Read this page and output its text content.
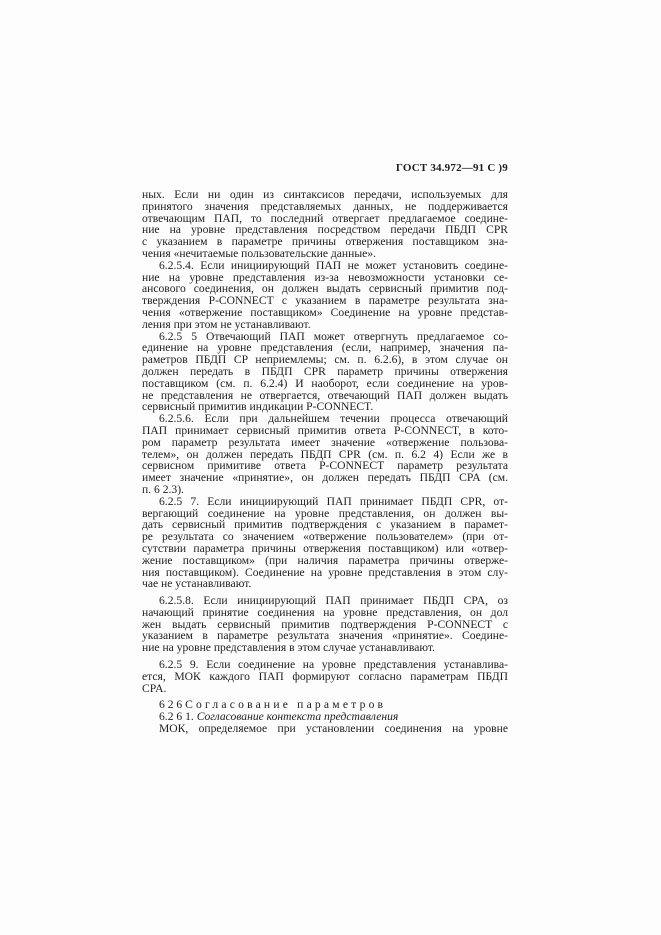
ГОСТ 34.972—91 С )9
ных. Если ни один из синтаксисов передачи, используемых для
принятого значения представляемых данных, не поддерживается
отвечающим ПАП, то последний отвергает предлагаемое соедине-
ние на уровне представления посредством передачи ПБДП CPR
с указанием в параметре причины отвержения поставщиком зна-
чения «нечитаемые пользовательские данные».
6.2.5.4. Если инициирующий ПАП не может установить соедине-
ние на уровне представления из-за невозможности установки се-
ансового соединения, он должен выдать сервисный примитив под-
тверждения P-CONNECT с указанием в параметре результата зна-
чения «отвержение поставщиком» Соединение на уровне представ-
ления при этом не устанавливают.
6.2.5 5 Отвечающий ПАП может отвергнуть предлагаемое со-
единение на уровне представления (если, например, значения па-
раметров ПБДП CP неприемлемы; см. п. 6.2.6), в этом случае он
должен передать в ПБДП CPR параметр причины отвержения
поставщиком (см. п. 6.2.4) И наоборот, если соединение на уров-
не представления не отвергается, отвечающий ПАП должен выдать
сервисный примитив индикации P-CONNECT.
6.2.5.6. Если при дальнейшем течении процесса отвечающий
ПАП принимает сервисный примитив ответа P-CONNECT, в кото-
ром параметр результата имеет значение «отвержение пользова-
телем», он должен передать ПБДП CPR (см. п. 6.2 4) Если же в
сервисном примитиве ответа P-CONNECT параметр результата
имеет значение «принятие», он должен передать ПБДП CPA (см.
п. 6 2.3).
6.2.5 7. Если инициирующий ПАП принимает ПБДП CPR, от-
вергающий соединение на уровне представления, он должен вы-
дать сервисный примитив подтверждения с указанием в парамет-
ре результата со значением «отвержение пользователем» (при от-
сутствии параметра причины отвержения поставщиком) или «отвер-
жение поставщиком» (при наличия параметра причины отверже-
ния поставщиком). Соединение на уровне представления в этом слу-
чае не устанавливают.
6.2.5.8. Если инициирующий ПАП принимает ПБДП CPA, оз
начающий принятие соединения на уровне представления, он дол
жен выдать сервисный примитив подтверждения P-CONNECT с
указанием в параметре результата значения «принятие». Соедине-
ние на уровне представления в этом случае устанавливают.
6.2.5 9. Если соединение на уровне представления устанавлива-
ется, МОК каждого ПАП формируют согласно параметрам ПБДП
CPA.
6 2 6 Согласование параметров
6.2 6 1. Согласование контекста представления
МОК, определяемое при установлении соединения на уровне
